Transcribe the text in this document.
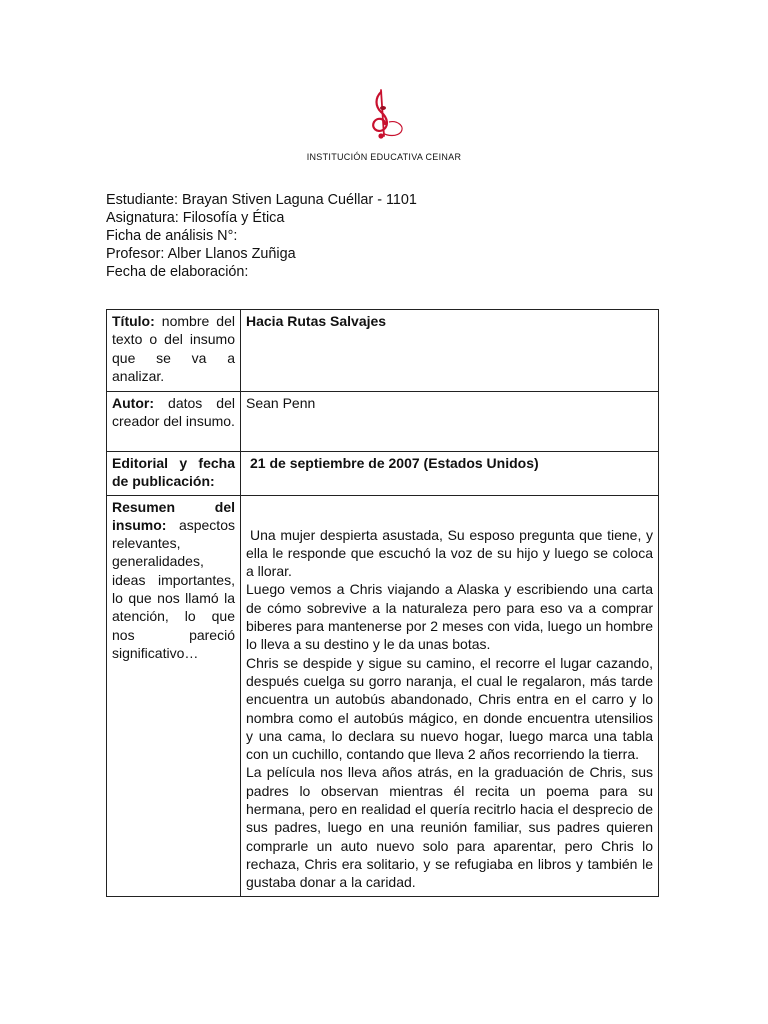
INSTITUCIÓN EDUCATIVA CEINAR
Estudiante: Brayan Stiven Laguna Cuéllar - 1101
Asignatura: Filosofía y Ética
Ficha de análisis N°:
Profesor: Alber Llanos Zuñiga
Fecha de elaboración:
Título: nombre del texto o del insumo que se va a analizar.	Hacia Rutas Salvajes
Autor: datos del creador del insumo.	Sean Penn
Editorial y fecha de publicación:	21 de septiembre de 2007 (Estados Unidos)
Resumen del insumo: aspectos relevantes, generalidades, ideas importantes, lo que nos llamó la atención, lo que nos pareció significativo…	Una mujer despierta asustada, Su esposo pregunta que tiene, y ella le responde que escuchó la voz de su hijo y luego se coloca a llorar.

Luego vemos a Chris viajando a Alaska y escribiendo una carta de cómo sobrevive a la naturaleza pero para eso va a comprar biberes para mantenerse por 2 meses con vida, luego un hombre lo lleva a su destino y le da unas botas.

Chris se despide y sigue su camino, el recorre el lugar cazando, después cuelga su gorro naranja, el cual le regalaron, más tarde encuentra un autobús abandonado, Chris entra en el carro y lo nombra como el autobús mágico, en donde encuentra utensilios y una cama, lo declara su nuevo hogar, luego marca una tabla con un cuchillo, contando que lleva 2 años recorriendo la tierra.

La película nos lleva años atrás, en la graduación de Chris, sus padres lo observan mientras él recita un poema para su hermana, pero en realidad el quería recitrlo hacia el desprecio de sus padres, luego en una reunión familiar, sus padres quieren comprarle un auto nuevo solo para aparentar, pero Chris lo rechaza, Chris era solitario, y se refugiaba en libros y también le gustaba donar a la caridad.
